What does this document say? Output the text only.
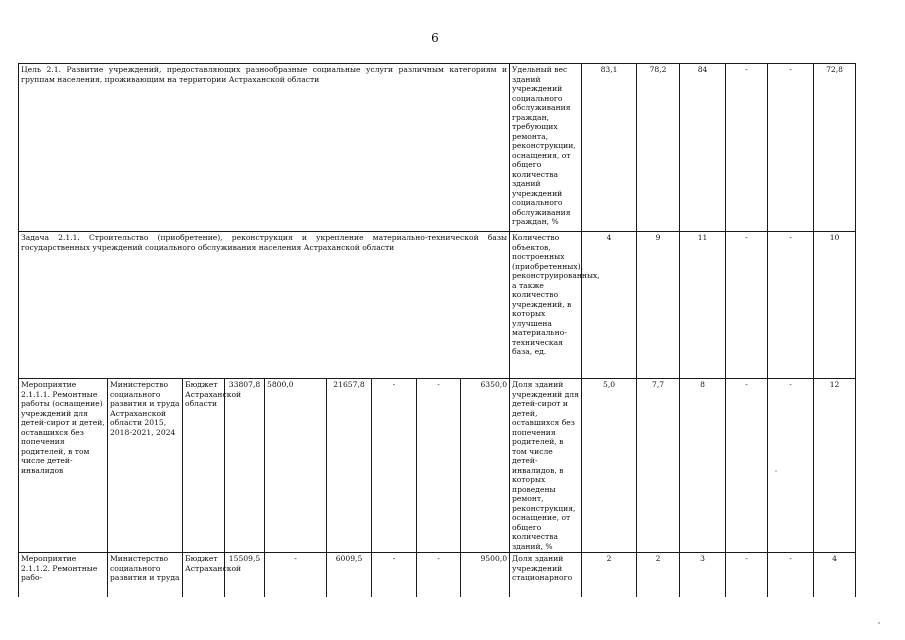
6
Цель 2.1. Развитие учреждений, предоставляющих разнообразные социальные услуги различным категориям и группам населения, проживающим на территории Астраханской области									Удельный вес зданий учреждений социального обслуживания граждан, требующих ремонта, реконструкции, оснащения, от общего количества зданий учреждений социального обслуживания граждан, %	83,1	78,2	84	-	-	72,8
Задача 2.1.1. Строительство (приобретение), реконструкция и укрепление материально-технической базы государственных учреждений социального обслуживания населения Астраханской области									Количество объектов, построенных (приобретенных), реконструированных, а также количество учреждений, в которых улучшена материально-техническая база, ед.	4	9	11	-	-	10
Мероприятие 2.1.1.1. Ремонтные работы (оснащение) учреждений для детей-сирот и детей, оставшихся без попечения родителей, в том числе детей-инвалидов	Министерство социального развития и труда Астраханской области 2015, 2018-2021, 2024	Бюджет Астраханской области	33807,8	5800,0	21657,8	-	-	6350,0	Доля зданий учреждений для детей-сирот и детей, оставшихся без попечения родителей, в том числе детей-инвалидов, в которых проведены ремонт, реконструкция, оснащение, от общего количества зданий, %	5,0	7,7	8	-	-	12
Мероприятие 2.1.1.2. Ремонтные рабо-	Министерство социального развития и труда	Бюджет Астраханской	15509,5	-	6009,5	-	-	9500,0	Доля зданий учреждений стационарного	2	2	3	-	-	4
